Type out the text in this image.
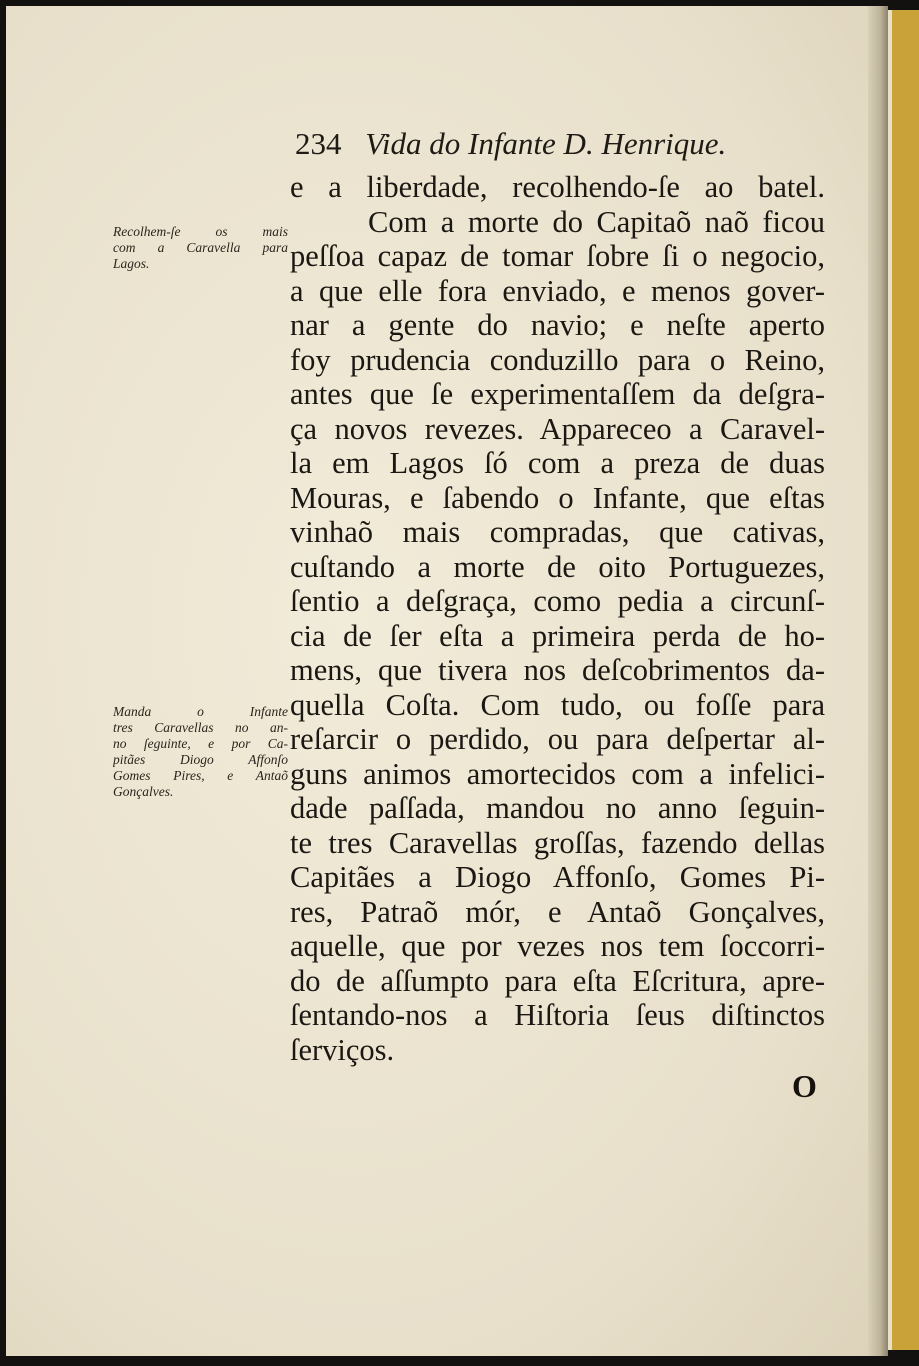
234 Vida do Infante D. Henrique.
Recolhem-ſe os mais
com a Caravella para
Lagos.
Manda o Infante
tres Caravellas no an-
no ſeguinte, e por Ca-
pitães Diogo Affonſo
Gomes Pires, e Antaõ
Gonçalves.
e a liberdade, recolhendo-ſe ao batel.
Com a morte do Capitaõ naõ ficou
peſſoa capaz de tomar ſobre ſi o negocio,
a que elle fora enviado, e menos gover-
nar a gente do navio; e neſte aperto
foy prudencia conduzillo para o Reino,
antes que ſe experimentaſſem da deſgra-
ça novos revezes. Appareceo a Caravel-
la em Lagos ſó com a preza de duas
Mouras, e ſabendo o Infante, que eſtas
vinhaõ mais compradas, que cativas,
cuſtando a morte de oito Portuguezes,
ſentio a deſgraça, como pedia a circunſ-
cia de ſer eſta a primeira perda de ho-
mens, que tivera nos deſcobrimentos da-
quella Coſta. Com tudo, ou foſſe para
reſarcir o perdido, ou para deſpertar al-
guns animos amortecidos com a infelici-
dade paſſada, mandou no anno ſeguin-
te tres Caravellas groſſas, fazendo dellas
Capitães a Diogo Affonſo, Gomes Pi-
res, Patraõ mór, e Antaõ Gonçalves,
aquelle, que por vezes nos tem ſoccorri-
do de aſſumpto para eſta Eſcritura, apre-
ſentando-nos a Hiſtoria ſeus diſtinctos
ſerviços.
O
